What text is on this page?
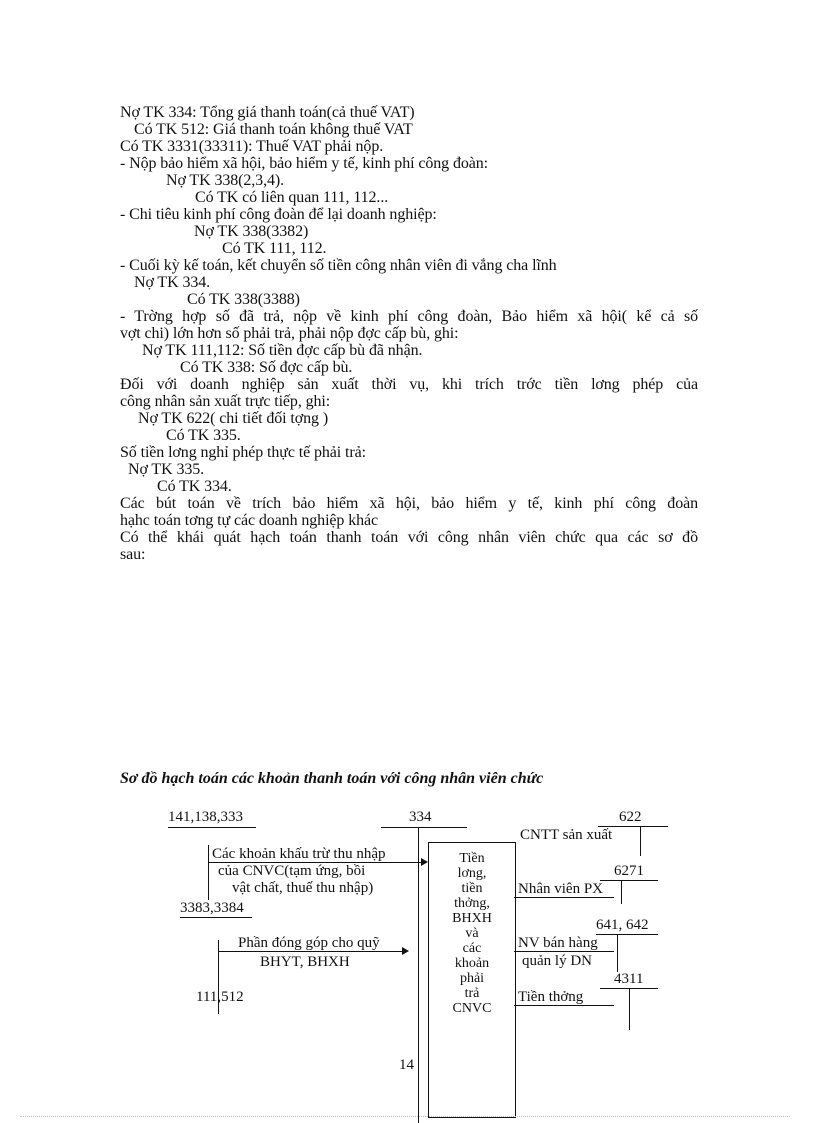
Nợ TK 334: Tổng giá thanh toán(cả thuế VAT)
Có TK 512: Giá thanh toán không thuế VAT
Có TK 3331(33311): Thuế VAT phải nộp.
- Nộp bảo hiểm xã hội, bảo hiểm y tế, kinh phí công đoàn:
Nợ TK 338(2,3,4).
Có TK có liên quan 111, 112...
- Chi tiêu kinh phí công đoàn để lại doanh nghiệp:
Nợ TK 338(3382)
Có TK 111, 112.
- Cuối kỳ kế toán, kết chuyển số tiền công nhân viên đi vắng cha lĩnh
Nợ TK 334.
Có TK 338(3388)
- Trờng hợp số đã trả, nộp về kinh phí công đoàn, Bảo hiểm xã hội( kể cả số
vợt chi) lớn hơn số phải trả, phải nộp đợc cấp bù, ghi:
Nợ TK 111,112: Số tiền đợc cấp bù đã nhận.
Có TK 338: Số đợc cấp bù.
Đối với doanh nghiệp sản xuất thời vụ, khi trích trớc tiền lơng phép của
công nhân sản xuất trực tiếp, ghi:
Nợ TK 622( chi tiết đối tợng )
Có TK 335.
Số tiền lơng nghỉ phép thực tế phải trả:
Nợ TK 335.
Có TK 334.
Các bút toán về trích bảo hiểm xã hội, bảo hiểm y tế, kinh phí công đoàn
hạhc toán tơng tự các doanh nghiệp khác
Có thể khái quát hạch toán thanh toán với công nhân viên chức qua các sơ đồ
sau:
Sơ đồ hạch toán các khoản thanh toán với công nhân viên chức
141,138,333	334	622
CNTT sản xuất
Các khoản khấu trừ thu nhập
của CNVC(tạm ứng, bồi
vật chất, thuế thu nhập)
3383,3384
6271
Nhân viên PX
641, 642
Phần đóng góp cho quỹ
BHYT, BHXH
NV bán hàng
quản lý DN
4311
111,512	Tiền thởng
Tiền
lơng,
tiền
thởng,
BHXH
và
các
khoản
phải
trả
CNVC
14
